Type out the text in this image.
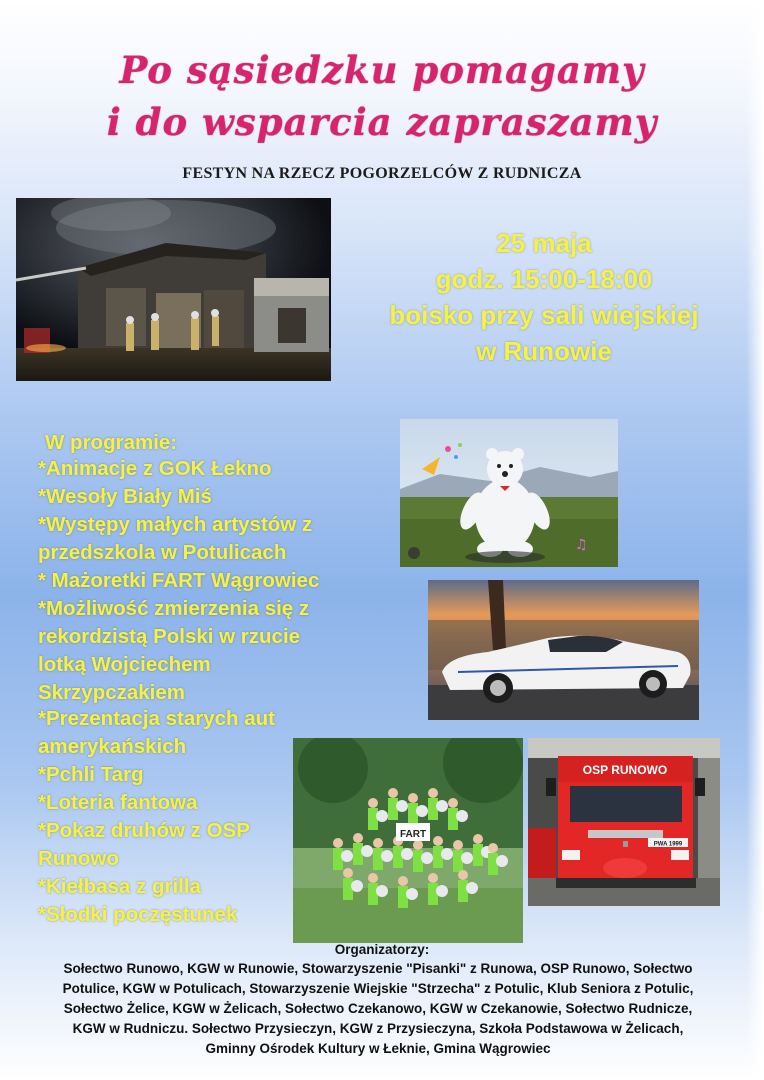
Po sąsiedzku pomagamy
i do wsparcia zapraszamy
FESTYN NA RZECZ POGORZELCÓW Z RUDNICZA
25 maja
godz. 15:00-18:00
boisko przy sali wiejskiej
w Runowie
W programie:
*Animacje z GOK Łekno
*Wesoły Biały Miś
*Występy małych artystów z
przedszkola w Potulicach
* Mażoretki FART Wągrowiec
*Możliwość zmierzenia się z
rekordzistą Polski w rzucie
lotką Wojciechem
Skrzypczakiem
*Prezentacja starych aut
amerykańskich
*Pchli Targ
*Loteria fantowa
*Pokaz druhów z OSP
Runowo
*Kiełbasa z grilla
*Słodki poczęstunek
♫
FART
OSP RUNOWO
PWA 1999
Organizatorzy:
Sołectwo Runowo, KGW w Runowie, Stowarzyszenie "Pisanki" z Runowa, OSP Runowo, Sołectwo
Potulice, KGW w Potulicach, Stowarzyszenie Wiejskie "Strzecha" z Potulic, Klub Seniora z Potulic,
Sołectwo Żelice, KGW w Żelicach, Sołectwo Czekanowo, KGW w Czekanowie, Sołectwo Rudnicze,
KGW w Rudniczu. Sołectwo Przysieczyn, KGW z Przysieczyna, Szkoła Podstawowa w Żelicach,
Gminny Ośrodek Kultury w Łeknie, Gmina Wągrowiec
